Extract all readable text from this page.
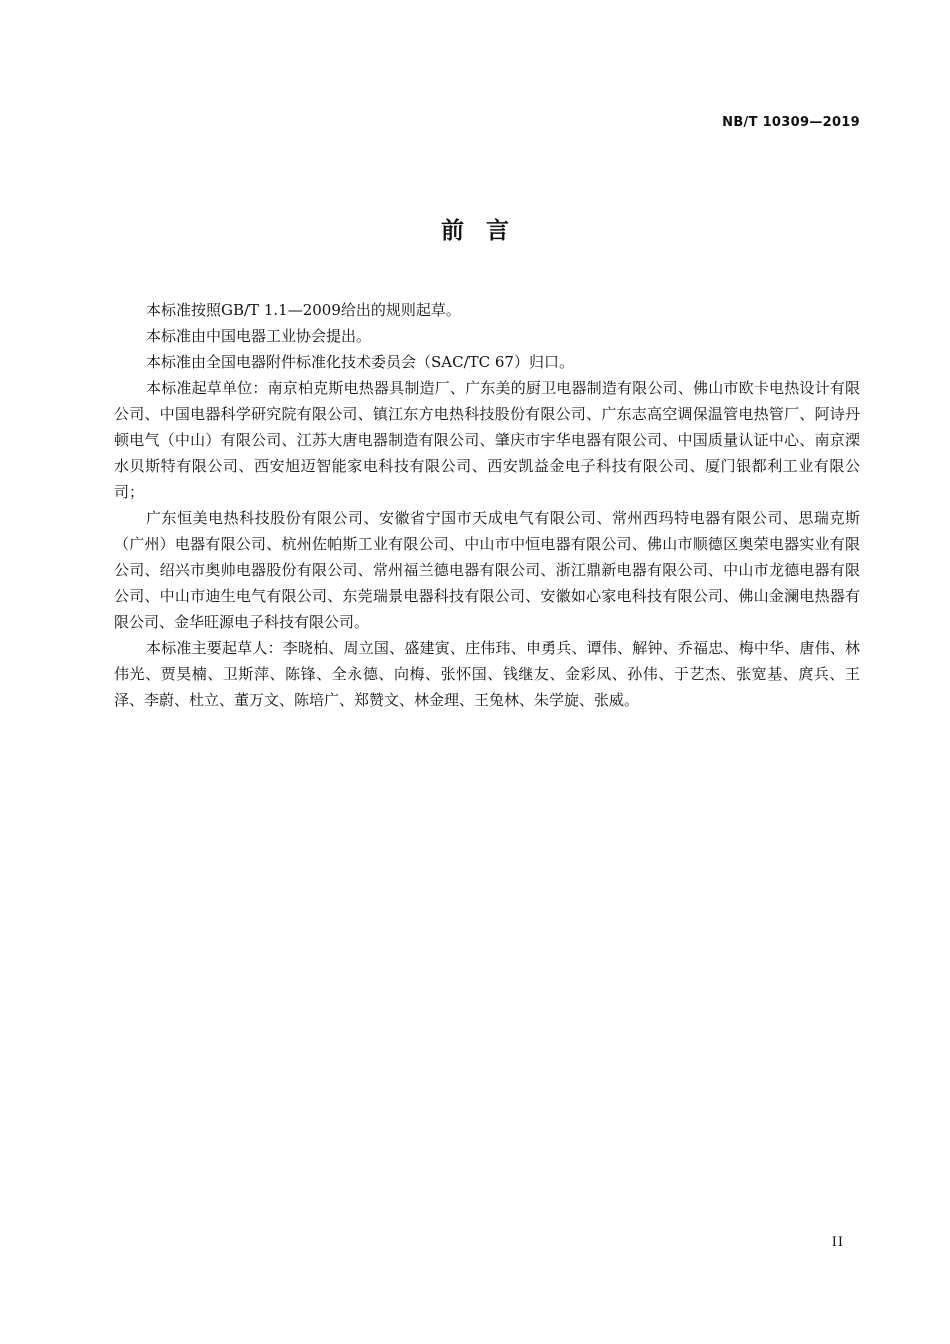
NB/T 10309—2019
前言

本标准按照GB/T 1.1—2009给出的规则起草。

本标准由中国电器工业协会提出。

本标准由全国电器附件标准化技术委员会（SAC/TC 67）归口。

本标准起草单位：南京柏克斯电热器具制造厂、广东美的厨卫电器制造有限公司、佛山市欧卡电热设计有限公司、中国电器科学研究院有限公司、镇江东方电热科技股份有限公司、广东志高空调保温管电热管厂、阿诗丹顿电气（中山）有限公司、江苏大唐电器制造有限公司、肇庆市宇华电器有限公司、中国质量认证中心、南京溧水贝斯特有限公司、西安旭迈智能家电科技有限公司、西安凯益金电子科技有限公司、厦门银都利工业有限公司；

广东恒美电热科技股份有限公司、安徽省宁国市天成电气有限公司、常州西玛特电器有限公司、思瑞克斯（广州）电器有限公司、杭州佐帕斯工业有限公司、中山市中恒电器有限公司、佛山市顺德区奥荣电器实业有限公司、绍兴市奥帅电器股份有限公司、常州福兰德电器有限公司、浙江鼎新电器有限公司、中山市龙德电器有限公司、中山市迪生电气有限公司、东莞瑞景电器科技有限公司、安徽如心家电科技有限公司、佛山金澜电热器有限公司、金华旺源电子科技有限公司。

本标准主要起草人：李晓柏、周立国、盛建寅、庄伟玮、申勇兵、谭伟、解钟、乔福忠、梅中华、唐伟、林伟光、贾昊楠、卫斯萍、陈锋、全永德、向梅、张怀国、钱继友、金彩凤、孙伟、于艺杰、张宽基、庹兵、王泽、李蔚、杜立、董万文、陈培广、郑赞文、林金理、王兔林、朱学旋、张威。

II
